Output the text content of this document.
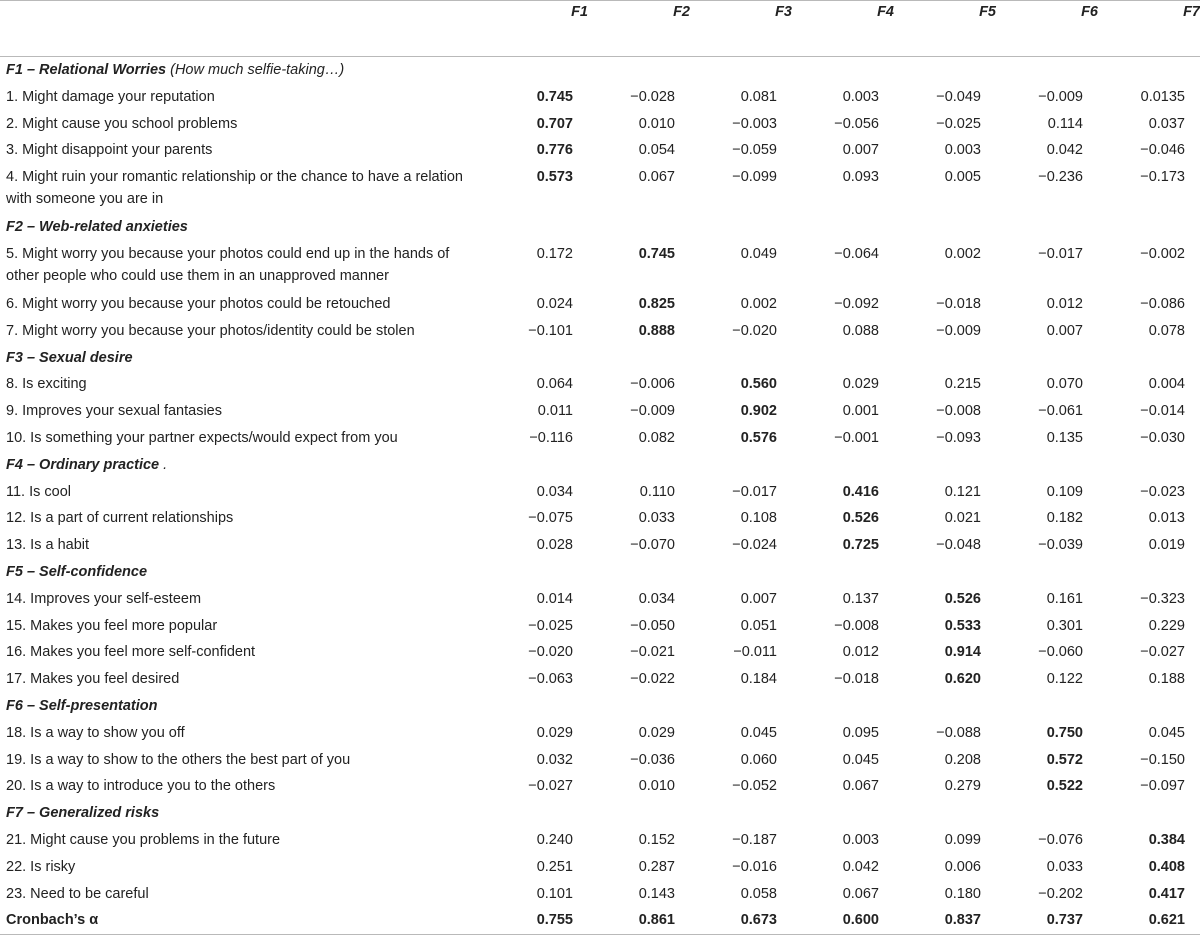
	F1	F2	F3	F4	F5	F6	F7
F1 – Relational Worries (How much selfie-taking…)							
1. Might damage your reputation	0.745	−0.028	0.081	0.003	−0.049	−0.009	0.0135
2. Might cause you school problems	0.707	0.010	−0.003	−0.056	−0.025	0.114	0.037
3. Might disappoint your parents	0.776	0.054	−0.059	0.007	0.003	0.042	−0.046
4. Might ruin your romantic relationship or the chance to have a relation with someone you are in	0.573	0.067	−0.099	0.093	0.005	−0.236	−0.173
F2 – Web-related anxieties							
5. Might worry you because your photos could end up in the hands of other people who could use them in an unapproved manner	0.172	0.745	0.049	−0.064	0.002	−0.017	−0.002
6. Might worry you because your photos could be retouched	0.024	0.825	0.002	−0.092	−0.018	0.012	−0.086
7. Might worry you because your photos/identity could be stolen	−0.101	0.888	−0.020	0.088	−0.009	0.007	0.078
F3 – Sexual desire							
8. Is exciting	0.064	−0.006	0.560	0.029	0.215	0.070	0.004
9. Improves your sexual fantasies	0.011	−0.009	0.902	0.001	−0.008	−0.061	−0.014
10. Is something your partner expects/would expect from you	−0.116	0.082	0.576	−0.001	−0.093	0.135	−0.030
F4 – Ordinary practice .							
11. Is cool	0.034	0.110	−0.017	0.416	0.121	0.109	−0.023
12. Is a part of current relationships	−0.075	0.033	0.108	0.526	0.021	0.182	0.013
13. Is a habit	0.028	−0.070	−0.024	0.725	−0.048	−0.039	0.019
F5 – Self-confidence							
14. Improves your self-esteem	0.014	0.034	0.007	0.137	0.526	0.161	−0.323
15. Makes you feel more popular	−0.025	−0.050	0.051	−0.008	0.533	0.301	0.229
16. Makes you feel more self-confident	−0.020	−0.021	−0.011	0.012	0.914	−0.060	−0.027
17. Makes you feel desired	−0.063	−0.022	0.184	−0.018	0.620	0.122	0.188
F6 – Self-presentation							
18. Is a way to show you off	0.029	0.029	0.045	0.095	−0.088	0.750	0.045
19. Is a way to show to the others the best part of you	0.032	−0.036	0.060	0.045	0.208	0.572	−0.150
20. Is a way to introduce you to the others	−0.027	0.010	−0.052	0.067	0.279	0.522	−0.097
F7 – Generalized risks							
21. Might cause you problems in the future	0.240	0.152	−0.187	0.003	0.099	−0.076	0.384
22. Is risky	0.251	0.287	−0.016	0.042	0.006	0.033	0.408
23. Need to be careful	0.101	0.143	0.058	0.067	0.180	−0.202	0.417
Cronbach’s α	0.755	0.861	0.673	0.600	0.837	0.737	0.621
